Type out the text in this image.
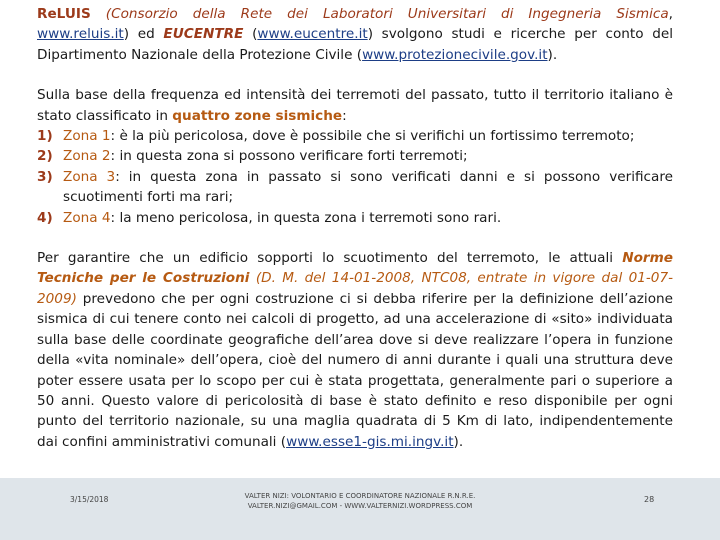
ReLUIS (Consorzio della Rete dei Laboratori Universitari di Ingegneria Sismica, www.reluis.it) ed EUCENTRE (www.eucentre.it) svolgono studi e ricerche per conto del Dipartimento Nazionale della Protezione Civile (www.protezionecivile.gov.it).

Sulla base della frequenza ed intensità dei terremoti del passato, tutto il territorio italiano è stato classificato in quattro zone sismiche:

1) Zona 1: è la più pericolosa, dove è possibile che si verifichi un fortissimo terremoto;
2) Zona 2: in questa zona si possono verificare forti terremoti;
3) Zona 3: in questa zona in passato si sono verificati danni e si possono verificare scuotimenti forti ma rari;
4) Zona 4: la meno pericolosa, in questa zona i terremoti sono rari.

Per garantire che un edificio sopporti lo scuotimento del terremoto, le attuali Norme Tecniche per le Costruzioni (D. M. del 14-01-2008, NTC08, entrate in vigore dal 01-07-2009) prevedono che per ogni costruzione ci si debba riferire per la definizione dell’azione sismica di cui tenere conto nei calcoli di progetto, ad una accelerazione di «sito» individuata sulla base delle coordinate geografiche dell’area dove si deve realizzare l’opera in funzione della «vita nominale» dell’opera, cioè del numero di anni durante i quali una struttura deve poter essere usata per lo scopo per cui è stata progettata, generalmente pari o superiore a 50 anni. Questo valore di pericolosità di base è stato definito e reso disponibile per ogni punto del territorio nazionale, su una maglia quadrata di 5 Km di lato, indipendentemente dai confini amministrativi comunali (www.esse1-gis.mi.ingv.it).

3/15/2018	VALTER NIZI: VOLONTARIO E COORDINATORE NAZIONALE R.N.R.E.
VALTER.NIZI@GMAIL.COM - WWW.VALTERNIZI.WORDPRESS.COM
28
